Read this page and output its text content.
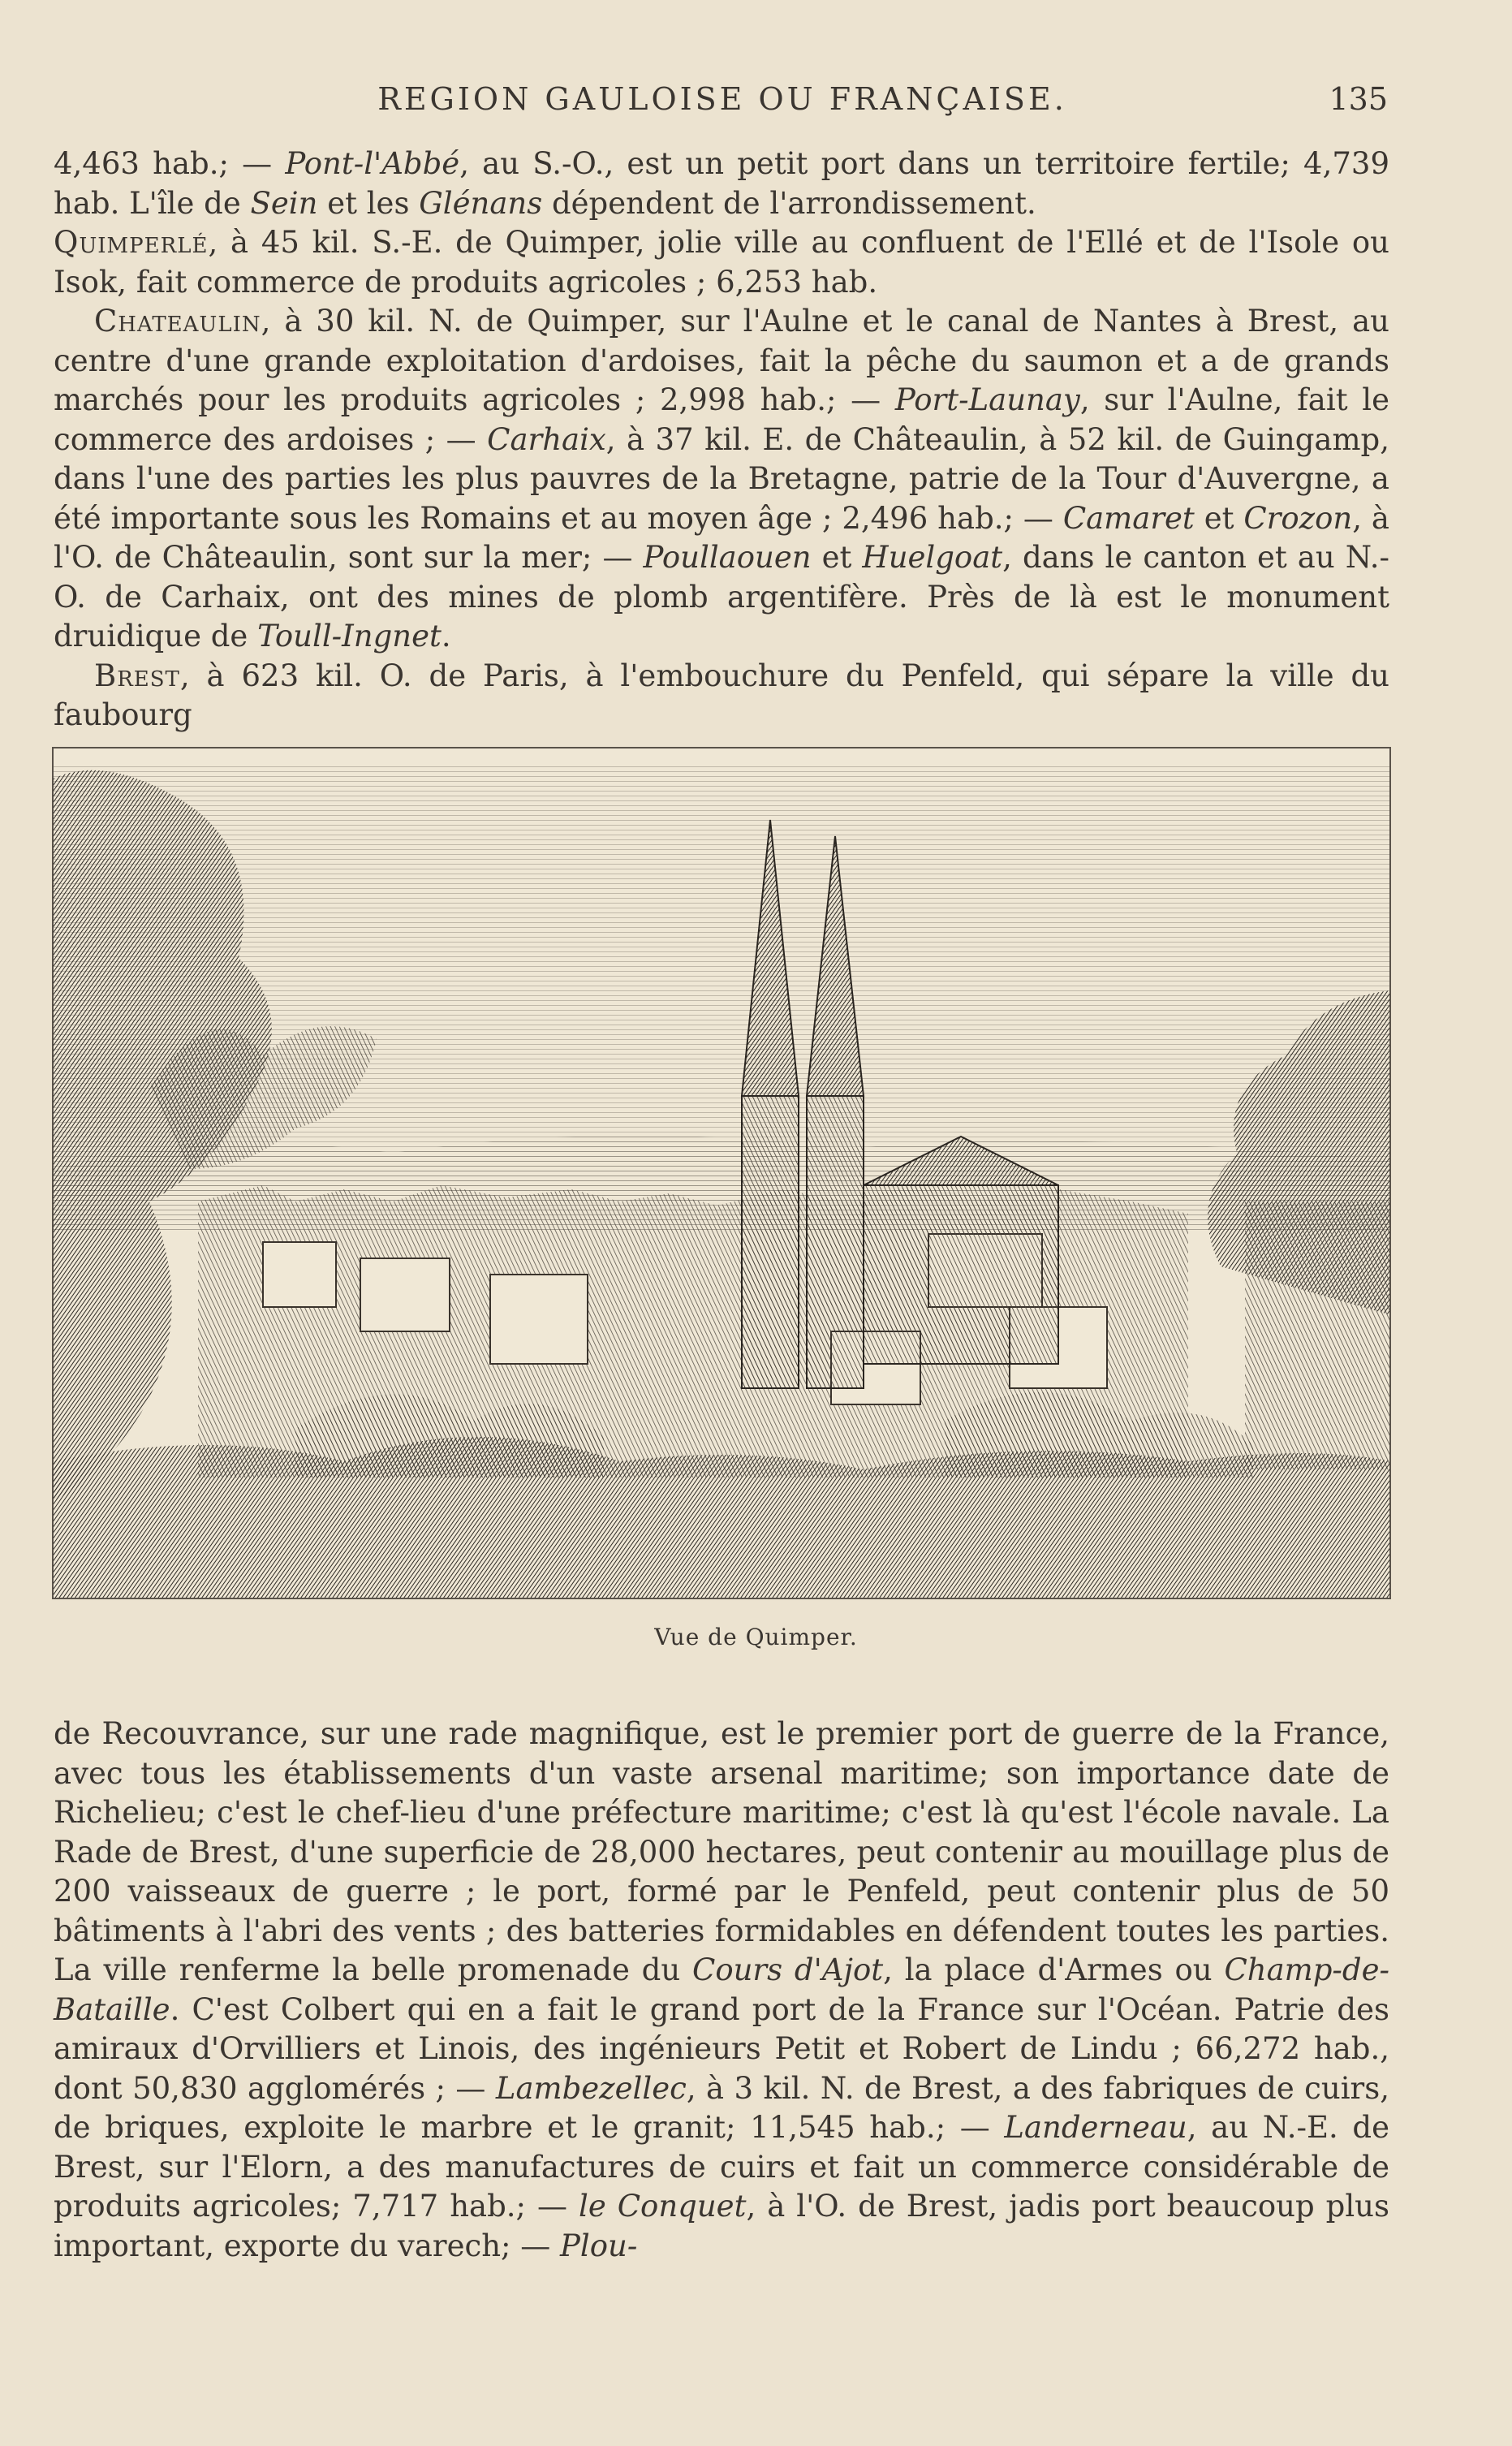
REGION GAULOISE OU FRANÇAISE.	135

4,463 hab.; — Pont-l'Abbé, au S.-O., est un petit port dans un territoire fertile; 4,739 hab. L'île de Sein et les Glénans dépendent de l'arrondissement.

Quimperlé, à 45 kil. S.-E. de Quimper, jolie ville au confluent de l'Ellé et de l'Isole ou Isok, fait commerce de produits agricoles ; 6,253 hab.

Chateaulin, à 30 kil. N. de Quimper, sur l'Aulne et le canal de Nantes à Brest, au centre d'une grande exploitation d'ardoises, fait la pêche du saumon et a de grands marchés pour les produits agricoles ; 2,998 hab.; — Port-Launay, sur l'Aulne, fait le commerce des ardoises ; — Carhaix, à 37 kil. E. de Châteaulin, à 52 kil. de Guingamp, dans l'une des parties les plus pauvres de la Bretagne, patrie de la Tour d'Auvergne, a été importante sous les Romains et au moyen âge ; 2,496 hab.; — Camaret et Crozon, à l'O. de Châteaulin, sont sur la mer; — Poullaouen et Huelgoat, dans le canton et au N.-O. de Carhaix, ont des mines de plomb argentifère. Près de là est le monument druidique de Toull-Ingnet.

Brest, à 623 kil. O. de Paris, à l'embouchure du Penfeld, qui sépare la ville du faubourg

Vue de Quimper.

de Recouvrance, sur une rade magnifique, est le premier port de guerre de la France, avec tous les établissements d'un vaste arsenal maritime; son importance date de Richelieu; c'est le chef-lieu d'une préfecture maritime; c'est là qu'est l'école navale. La Rade de Brest, d'une superficie de 28,000 hectares, peut contenir au mouillage plus de 200 vaisseaux de guerre ; le port, formé par le Penfeld, peut contenir plus de 50 bâtiments à l'abri des vents ; des batteries formidables en défendent toutes les parties. La ville renferme la belle promenade du Cours d'Ajot, la place d'Armes ou Champ-de-Bataille. C'est Colbert qui en a fait le grand port de la France sur l'Océan. Patrie des amiraux d'Orvilliers et Linois, des ingénieurs Petit et Robert de Lindu ; 66,272 hab., dont 50,830 agglomérés ; — Lambezellec, à 3 kil. N. de Brest, a des fabriques de cuirs, de briques, exploite le marbre et le granit; 11,545 hab.; — Landerneau, au N.-E. de Brest, sur l'Elorn, a des manufactures de cuirs et fait un commerce considérable de produits agricoles; 7,717 hab.; — le Conquet, à l'O. de Brest, jadis port beaucoup plus important, exporte du varech; — Plou-
